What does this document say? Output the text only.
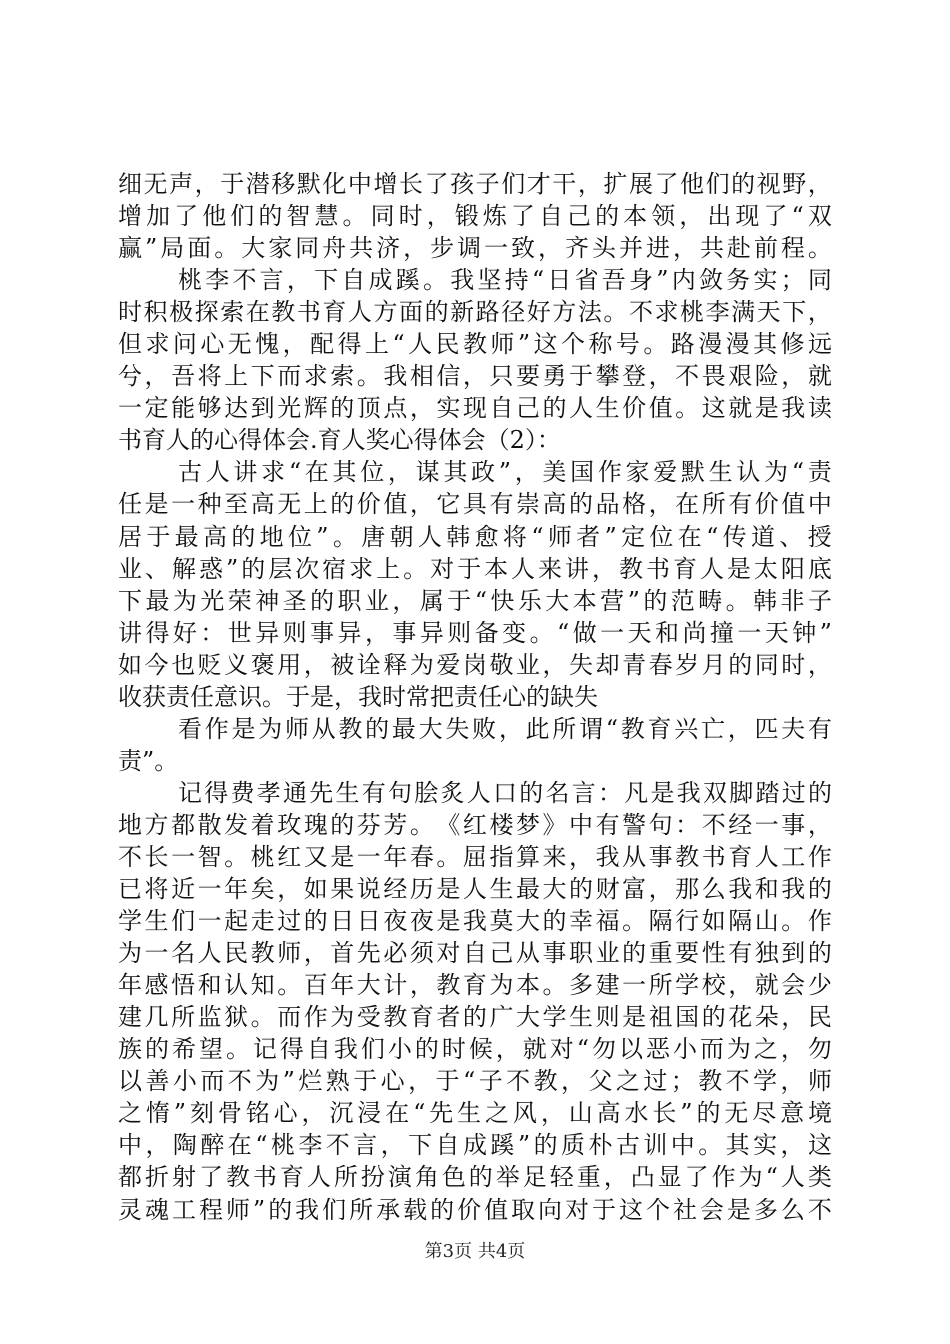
细 无 声 ， 于 潜 移 默 化 中 增 长 了 孩 子 们 才 干 ， 扩 展 了 他 们 的 视 野 ，
增 加 了 他 们 的 智 慧 。 同 时 ， 锻 炼 了 自 己 的 本 领 ， 出 现 了 “ 双
赢 ” 局 面 。 大 家 同 舟 共 济 ， 步 调 一 致 ， 齐 头 并 进 ， 共 赴 前 程 。
桃 李 不 言 ， 下 自 成 蹊 。 我 坚 持 “ 日 省 吾 身 ” 内 敛 务 实 ； 同
时 积 极 探 索 在 教 书 育 人 方 面 的 新 路 径 好 方 法 。 不 求 桃 李 满 天 下 ，
但 求 问 心 无 愧 ， 配 得 上 “ 人 民 教 师 ” 这 个 称 号 。 路 漫 漫 其 修 远
兮 ， 吾 将 上 下 而 求 索 。 我 相 信 ， 只 要 勇 于 攀 登 ， 不 畏 艰 险 ， 就
一 定 能 够 达 到 光 辉 的 顶 点 ， 实 现 自 己 的 人 生 价 值 。 这 就 是 我 读
书育人的心得体会.育人奖心得体会（2）：
古 人 讲 求 “ 在 其 位 ， 谋 其 政 ” ， 美 国 作 家 爱 默 生 认 为 “ 责
任 是 一 种 至 高 无 上 的 价 值 ， 它 具 有 崇 高 的 品 格 ， 在 所 有 价 值 中
居 于 最 高 的 地 位 ” 。 唐 朝 人 韩 愈 将 “ 师 者 ” 定 位 在 “ 传 道 、 授
业 、 解 惑 ” 的 层 次 宿 求 上 。 对 于 本 人 来 讲 ， 教 书 育 人 是 太 阳 底
下 最 为 光 荣 神 圣 的 职 业 ， 属 于 “ 快 乐 大 本 营 ” 的 范 畴 。 韩 非 子
讲 得 好 ： 世 异 则 事 异 ， 事 异 则 备 变 。 “ 做 一 天 和 尚 撞 一 天 钟 ”
如 今 也 贬 义 褒 用 ， 被 诠 释 为 爱 岗 敬 业 ， 失 却 青 春 岁 月 的 同 时 ，
收获责任意识。于是，我时常把责任心的缺失
看 作 是 为 师 从 教 的 最 大 失 败 ， 此 所 谓 “ 教 育 兴 亡 ， 匹 夫 有
责”。
记 得 费 孝 通 先 生 有 句 脍 炙 人 口 的 名 言 ： 凡 是 我 双 脚 踏 过 的
地 方 都 散 发 着 玫 瑰 的 芬 芳 。 《 红 楼 梦 》 中 有 警 句 ： 不 经 一 事 ，
不 长 一 智 。 桃 红 又 是 一 年 春 。 屈 指 算 来 ， 我 从 事 教 书 育 人 工 作
已 将 近 一 年 矣 ， 如 果 说 经 历 是 人 生 最 大 的 财 富 ， 那 么 我 和 我 的
学 生 们 一 起 走 过 的 日 日 夜 夜 是 我 莫 大 的 幸 福 。 隔 行 如 隔 山 。 作
为 一 名 人 民 教 师 ， 首 先 必 须 对 自 己 从 事 职 业 的 重 要 性 有 独 到 的
年 感 悟 和 认 知 。 百 年 大 计 ， 教 育 为 本 。 多 建 一 所 学 校 ， 就 会 少
建 几 所 监 狱 。 而 作 为 受 教 育 者 的 广 大 学 生 则 是 祖 国 的 花 朵 ， 民
族 的 希 望 。 记 得 自 我 们 小 的 时 候 ， 就 对 “ 勿 以 恶 小 而 为 之 ， 勿
以 善 小 而 不 为 ” 烂 熟 于 心 ， 于 “ 子 不 教 ， 父 之 过 ； 教 不 学 ， 师
之 惰 ” 刻 骨 铭 心 ， 沉 浸 在 “ 先 生 之 风 ， 山 高 水 长 ” 的 无 尽 意 境
中 ， 陶 醉 在 “ 桃 李 不 言 ， 下 自 成 蹊 ” 的 质 朴 古 训 中 。 其 实 ， 这
都 折 射 了 教 书 育 人 所 扮 演 角 色 的 举 足 轻 重 ， 凸 显 了 作 为 “ 人 类
灵 魂 工 程 师 ” 的 我 们 所 承 载 的 价 值 取 向 对 于 这 个 社 会 是 多 么 不
第3页 共4页
